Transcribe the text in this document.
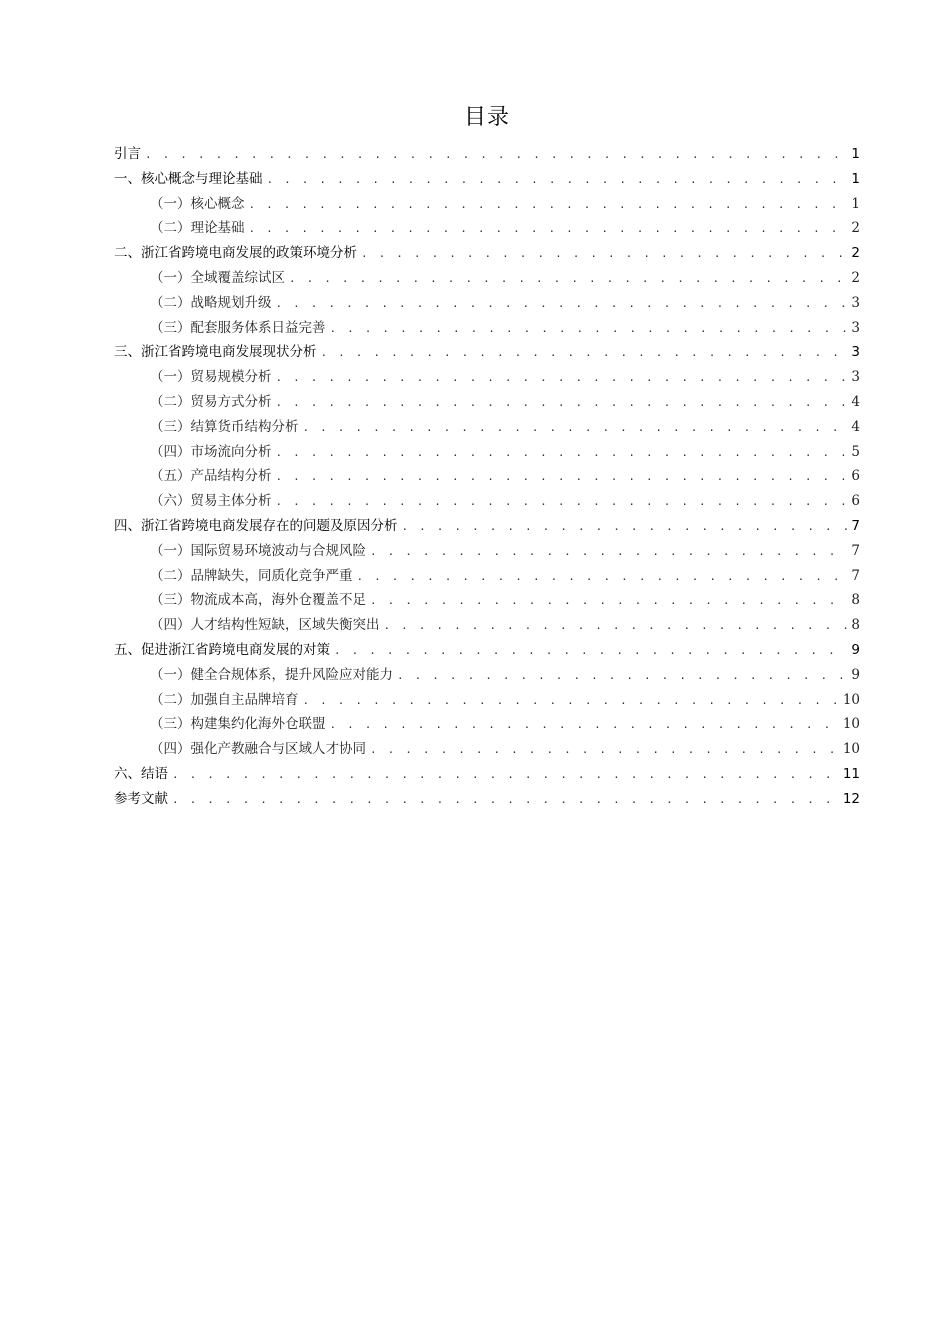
目录
引言 . . .	1
一、核心概念与理论基础 . . .	1
（一）核心概念 . . .	1
（二）理论基础 . . .	2
二、浙江省跨境电商发展的政策环境分析 . . .	2
（一）全域覆盖综试区 . . .	2
（二）战略规划升级 . . .	3
（三）配套服务体系日益完善 . . .	3
三、浙江省跨境电商发展现状分析 . . .	3
（一）贸易规模分析 . . .	3
（二）贸易方式分析 . . .	4
（三）结算货币结构分析 . . .	4
（四）市场流向分析 . . .	5
（五）产品结构分析 . . .	6
（六）贸易主体分析 . . .	6
四、浙江省跨境电商发展存在的问题及原因分析 . . .	7
（一）国际贸易环境波动与合规风险 . . .	7
（二）品牌缺失，同质化竞争严重 . . .	7
（三）物流成本高，海外仓覆盖不足 . . .	8
（四）人才结构性短缺，区域失衡突出 . . .	8
五、促进浙江省跨境电商发展的对策 . . .	9
（一）健全合规体系，提升风险应对能力 . . .	9
（二）加强自主品牌培育 . . .	10
（三）构建集约化海外仓联盟 . . .	10
（四）强化产教融合与区域人才协同 . . .	10
六、结语 . . .	11
参考文献 . . .	12
